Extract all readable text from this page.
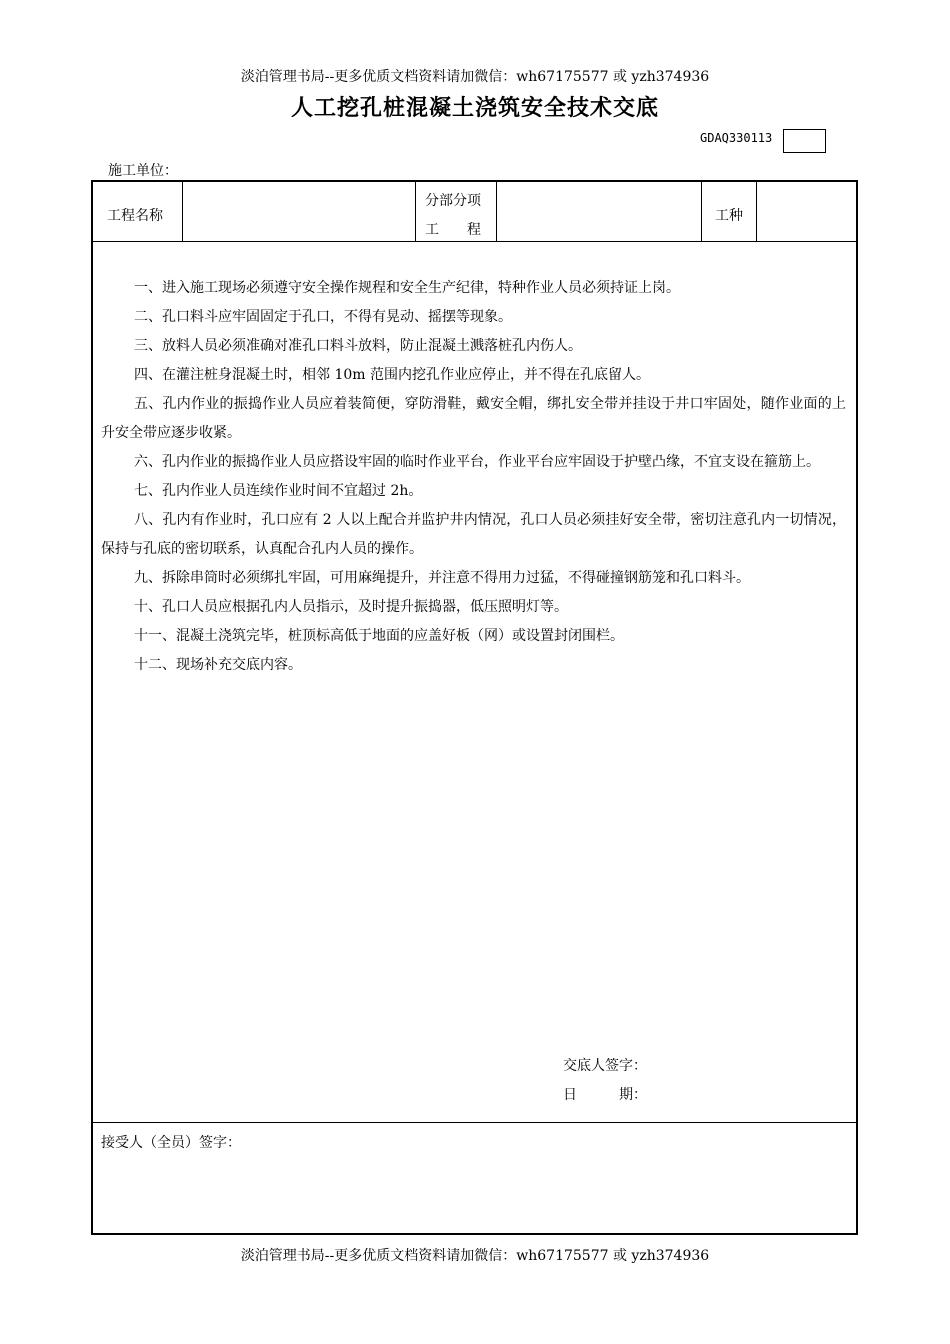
淡泊管理书局--更多优质文档资料请加微信：wh67175577 或 yzh374936
人工挖孔桩混凝土浇筑安全技术交底
GDAQ330113
施工单位：
工程名称
分部分项
工　　程
工种

一、进入施工现场必须遵守安全操作规程和安全生产纪律，特种作业人员必须持证上岗。

二、孔口料斗应牢固固定于孔口，不得有晃动、摇摆等现象。

三、放料人员必须准确对准孔口料斗放料，防止混凝土溅落桩孔内伤人。

四、在灌注桩身混凝土时，相邻 10m 范围内挖孔作业应停止，并不得在孔底留人。

五、孔内作业的振捣作业人员应着装简便，穿防滑鞋，戴安全帽，绑扎安全带并挂设于井口牢固处，随作业面的上升安全带应逐步收紧。

六、孔内作业的振捣作业人员应搭设牢固的临时作业平台，作业平台应牢固设于护壁凸缘，不宜支设在箍筋上。

七、孔内作业人员连续作业时间不宜超过 2h。

八、孔内有作业时，孔口应有 2 人以上配合并监护井内情况，孔口人员必须挂好安全带，密切注意孔内一切情况，保持与孔底的密切联系，认真配合孔内人员的操作。

九、拆除串筒时必须绑扎牢固，可用麻绳提升，并注意不得用力过猛，不得碰撞钢筋笼和孔口料斗。

十、孔口人员应根据孔内人员指示，及时提升振捣器，低压照明灯等。

十一、混凝土浇筑完毕，桩顶标高低于地面的应盖好板（网）或设置封闭围栏。

十二、现场补充交底内容。

交底人签字：
日　　　期：
接受人（全员）签字：
淡泊管理书局--更多优质文档资料请加微信：wh67175577 或 yzh374936
